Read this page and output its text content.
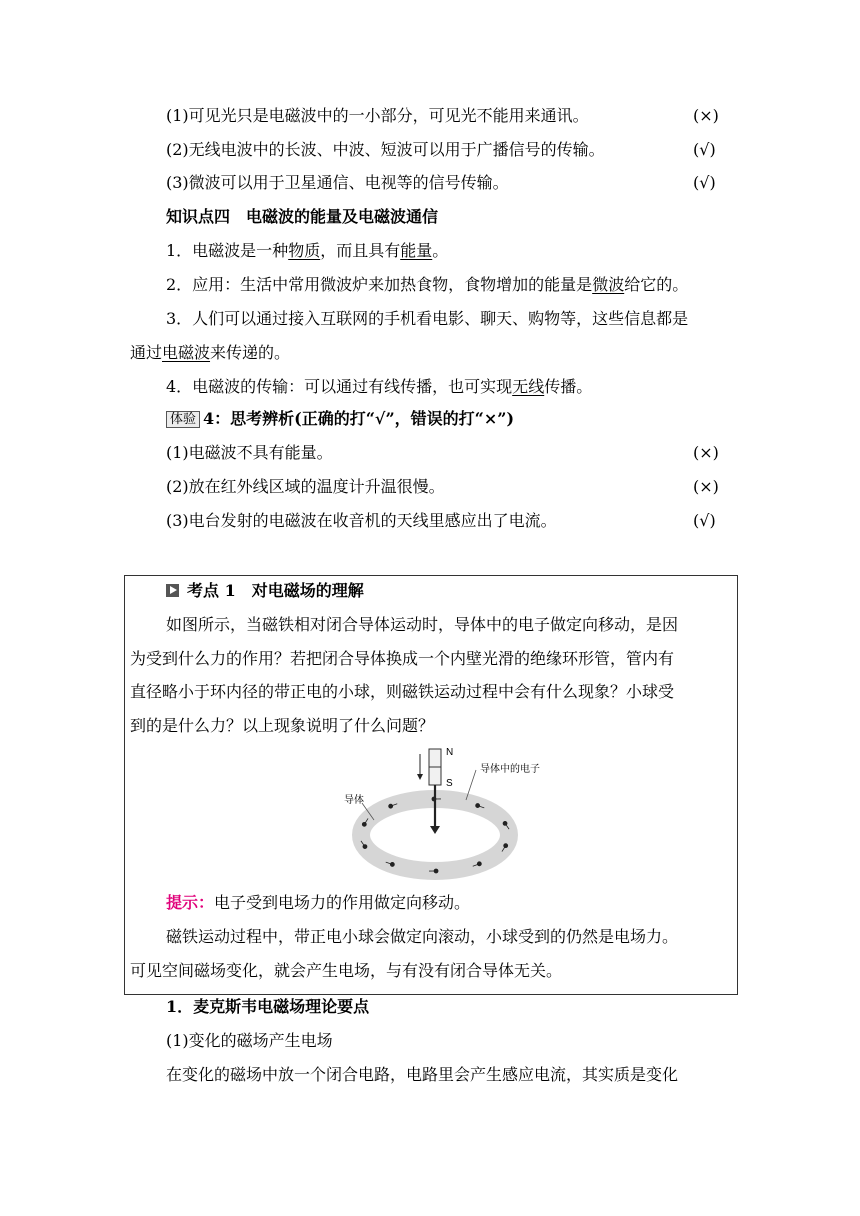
(1)可见光只是电磁波中的一小部分，可见光不能用来通讯。	(×)
(2)无线电波中的长波、中波、短波可以用于广播信号的传输。	(√)
(3)微波可以用于卫星通信、电视等的信号传输。	(√)
知识点四　电磁波的能量及电磁波通信
1．电磁波是一种物质，而且具有能量。
2．应用：生活中常用微波炉来加热食物，食物增加的能量是微波给它的。
3．人们可以通过接入互联网的手机看电影、聊天、购物等，这些信息都是
通过电磁波来传递的。
4．电磁波的传输：可以通过有线传播，也可实现无线传播。
体验 4：思考辨析(正确的打“√”，错误的打“×”)
(1)电磁波不具有能量。	(×)
(2)放在红外线区域的温度计升温很慢。	(×)
(3)电台发射的电磁波在收音机的天线里感应出了电流。	(√)
考点 1　对电磁场的理解
如图所示，当磁铁相对闭合导体运动时，导体中的电子做定向移动，是因
为受到什么力的作用？若把闭合导体换成一个内壁光滑的绝缘环形管，管内有
直径略小于环内径的带正电的小球，则磁铁运动过程中会有什么现象？小球受
到的是什么力？以上现象说明了什么问题？
N
S
导体中的电子
导体
提示：电子受到电场力的作用做定向移动。
磁铁运动过程中，带正电小球会做定向滚动，小球受到的仍然是电场力。
可见空间磁场变化，就会产生电场，与有没有闭合导体无关。
1．麦克斯韦电磁场理论要点
(1)变化的磁场产生电场
在变化的磁场中放一个闭合电路，电路里会产生感应电流，其实质是变化
